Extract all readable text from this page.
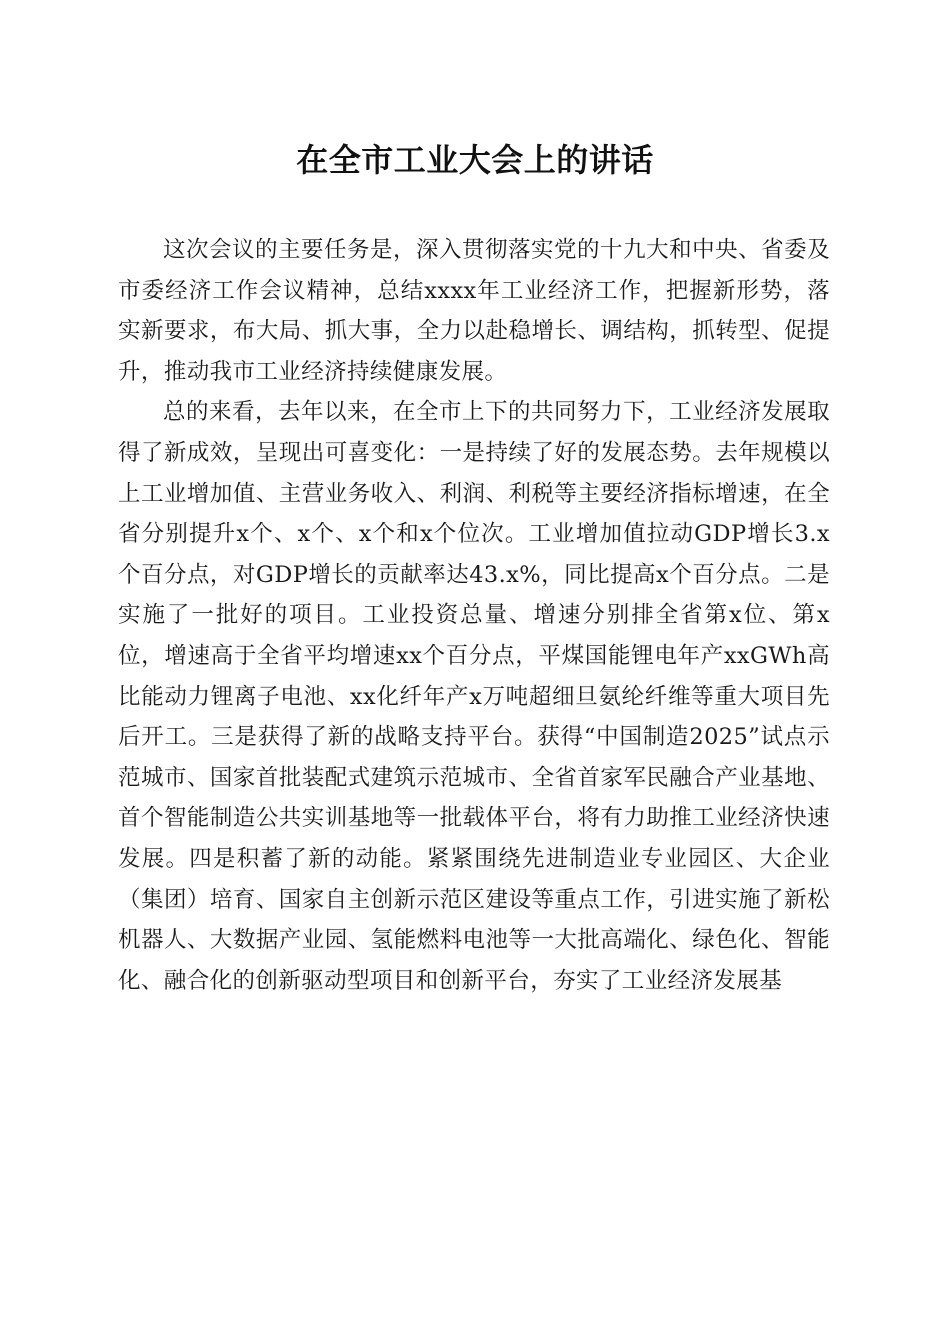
在全市工业大会上的讲话

这次会议的主要任务是，深入贯彻落实党的十九大和中央、省委及市委经济工作会议精神，总结xxxx年工业经济工作，把握新形势，落实新要求，布大局、抓大事，全力以赴稳增长、调结构，抓转型、促提升，推动我市工业经济持续健康发展。

总的来看，去年以来，在全市上下的共同努力下，工业经济发展取得了新成效，呈现出可喜变化：一是持续了好的发展态势。去年规模以上工业增加值、主营业务收入、利润、利税等主要经济指标增速，在全省分别提升x个、x个、x个和x个位次。工业增加值拉动GDP增长3.x个百分点，对GDP增长的贡献率达43.x%，同比提高x个百分点。二是实施了一批好的项目。工业投资总量、增速分别排全省第x位、第x位，增速高于全省平均增速xx个百分点，平煤国能锂电年产xxGWh高比能动力锂离子电池、xx化纤年产x万吨超细旦氨纶纤维等重大项目先后开工。三是获得了新的战略支持平台。获得“中国制造2025”试点示范城市、国家首批装配式建筑示范城市、全省首家军民融合产业基地、首个智能制造公共实训基地等一批载体平台，将有力助推工业经济快速发展。四是积蓄了新的动能。紧紧围绕先进制造业专业园区、大企业（集团）培育、国家自主创新示范区建设等重点工作，引进实施了新松机器人、大数据产业园、氢能燃料电池等一大批高端化、绿色化、智能化、融合化的创新驱动型项目和创新平台，夯实了工业经济发展基
